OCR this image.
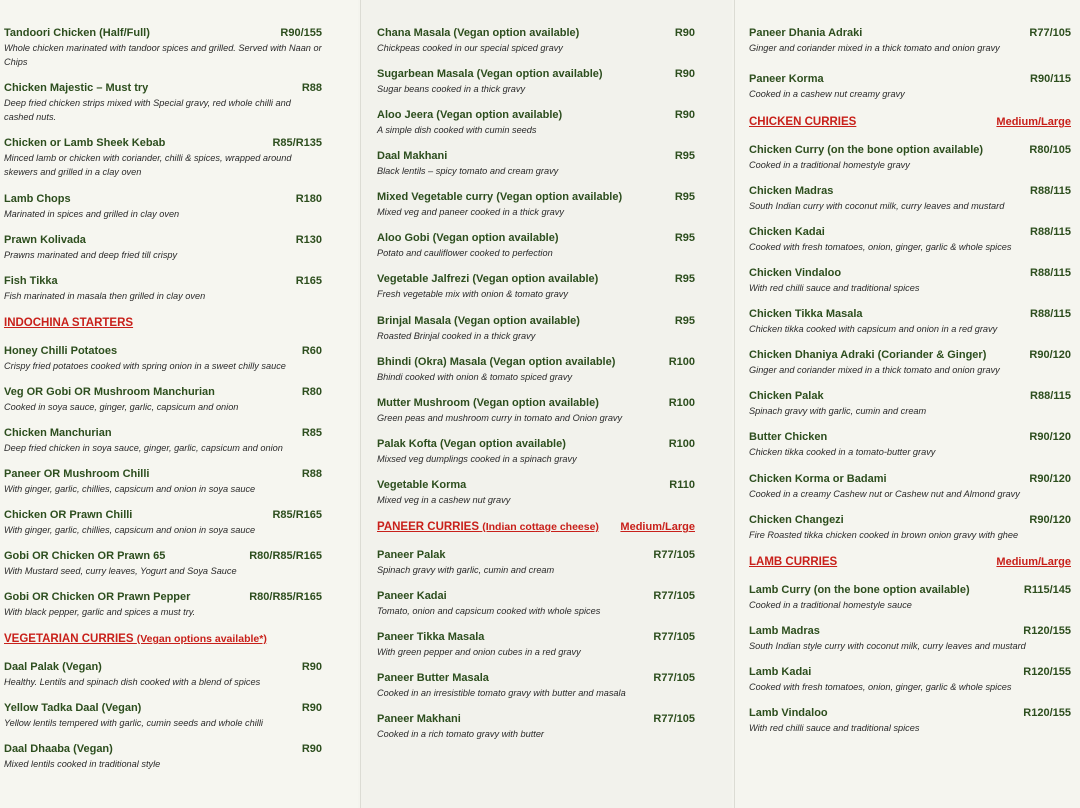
Tandoori Chicken (Half/Full)	R90/155
Whole chicken marinated with tandoor spices and grilled. Served with Naan or Chips
Chicken Majestic – Must try	R88
Deep fried chicken strips mixed with Special gravy, red whole chilli and cashed nuts.
Chicken or Lamb Sheek Kebab	R85/R135
Minced lamb or chicken with coriander, chilli & spices, wrapped around skewers and grilled in a clay oven
Lamb Chops	R180
Marinated in spices and grilled in clay oven
Prawn Kolivada	R130
Prawns marinated and deep fried till crispy
Fish Tikka	R165
Fish marinated in masala then grilled in clay oven
INDOCHINA STARTERS
Honey Chilli Potatoes	R60
Crispy fried potatoes cooked with spring onion in a sweet chilly sauce
Veg OR Gobi OR Mushroom Manchurian	R80
Cooked in soya sauce, ginger, garlic, capsicum and onion
Chicken Manchurian	R85
Deep fried chicken in soya sauce, ginger, garlic, capsicum and onion
Paneer OR Mushroom Chilli	R88
With ginger, garlic, chillies, capsicum and onion in soya sauce
Chicken OR Prawn Chilli	R85/R165
With ginger, garlic, chillies, capsicum and onion in soya sauce
Gobi OR Chicken OR Prawn 65	R80/R85/R165
With Mustard seed, curry leaves, Yogurt and Soya Sauce
Gobi OR Chicken OR Prawn Pepper	R80/R85/R165
With black pepper, garlic and spices a must try.
VEGETARIAN CURRIES (Vegan options available*)
Daal Palak (Vegan)	R90
Healthy. Lentils and spinach dish cooked with a blend of spices
Yellow Tadka Daal (Vegan)	R90
Yellow lentils tempered with garlic, cumin seeds and whole chilli
Daal Dhaaba (Vegan)	R90
Mixed lentils cooked in traditional style
Chana Masala (Vegan option available)	R90
Chickpeas cooked in our special spiced gravy
Sugarbean Masala (Vegan option available)	R90
Sugar beans cooked in a thick gravy
Aloo Jeera (Vegan option available)	R90
A simple dish cooked with cumin seeds
Daal Makhani	R95
Black lentils – spicy tomato and cream gravy
Mixed Vegetable curry (Vegan option available)	R95
Mixed veg and paneer cooked in a thick gravy
Aloo Gobi (Vegan option available)	R95
Potato and cauliflower cooked to perfection
Vegetable Jalfrezi (Vegan option available)	R95
Fresh vegetable mix with onion & tomato gravy
Brinjal Masala (Vegan option available)	R95
Roasted Brinjal cooked in a thick gravy
Bhindi (Okra) Masala (Vegan option available)	R100
Bhindi cooked with onion & tomato spiced gravy
Mutter Mushroom (Vegan option available)	R100
Green peas and mushroom curry in tomato and Onion gravy
Palak Kofta (Vegan option available)	R100
Mixsed veg dumplings cooked in a spinach gravy
Vegetable Korma	R110
Mixed veg in a cashew nut gravy
PANEER CURRIES (Indian cottage cheese) Medium/Large
Paneer Palak	R77/105
Spinach gravy with garlic, cumin and cream
Paneer Kadai	R77/105
Tomato, onion and capsicum cooked with whole spices
Paneer Tikka Masala	R77/105
With green pepper and onion cubes in a red gravy
Paneer Butter Masala	R77/105
Cooked in an irresistible tomato gravy with butter and masala
Paneer Makhani	R77/105
Cooked in a rich tomato gravy with butter
Paneer Dhania Adraki	R77/105
Ginger and coriander mixed in a thick tomato and onion gravy
Paneer Korma	R90/115
Cooked in a cashew nut creamy gravy
CHICKEN CURRIES	Medium/Large
Chicken Curry (on the bone option available)	R80/105
Cooked in a traditional homestyle gravy
Chicken Madras	R88/115
South Indian curry with coconut milk, curry leaves and mustard
Chicken Kadai	R88/115
Cooked with fresh tomatoes, onion, ginger, garlic & whole spices
Chicken Vindaloo	R88/115
With red chilli sauce and traditional spices
Chicken Tikka Masala	R88/115
Chicken tikka cooked with capsicum and onion in a red gravy
Chicken Dhaniya Adraki (Coriander & Ginger)	R90/120
Ginger and coriander mixed in a thick tomato and onion gravy
Chicken Palak	R88/115
Spinach gravy with garlic, cumin and cream
Butter Chicken	R90/120
Chicken tikka cooked in a tomato-butter gravy
Chicken Korma or Badami	R90/120
Cooked in a creamy Cashew nut or Cashew nut and Almond gravy
Chicken Changezi	R90/120
Fire Roasted tikka chicken cooked in brown onion gravy with ghee
LAMB CURRIES	Medium/Large
Lamb Curry (on the bone option available)	R115/145
Cooked in a traditional homestyle sauce
Lamb Madras	R120/155
South Indian style curry with coconut milk, curry leaves and mustard
Lamb Kadai	R120/155
Cooked with fresh tomatoes, onion, ginger, garlic & whole spices
Lamb Vindaloo	R120/155
With red chilli sauce and traditional spices
